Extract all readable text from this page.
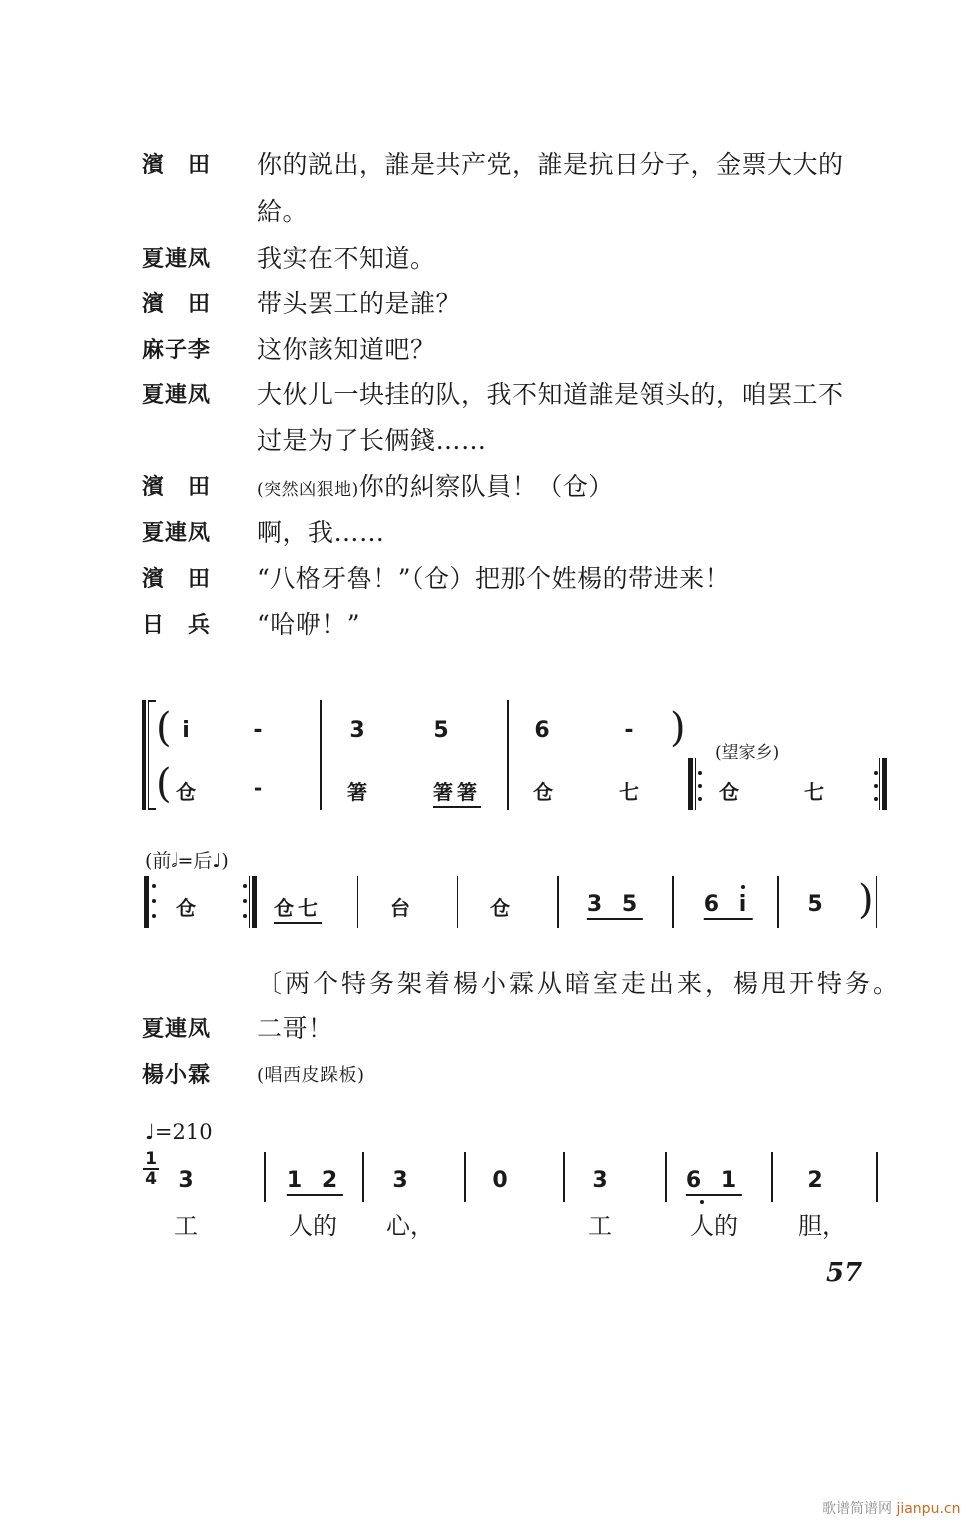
濱　田 你的説出，誰是共产党，誰是抗日分子，金票大大的
給。
夏連凤 我实在不知道。
濱　田 带头罢工的是誰？
麻子李 这你該知道吧？
夏連凤 大伙儿一块挂的队，我不知道誰是領头的，咱罢工不
过是为了长俩錢……
濱　田	(突然凶狠地)你的糾察队員！（仓）
夏連凤 啊，我……
濱　田 “八格牙魯！”（仓）把那个姓楊的带进来！
日　兵 “哈咿！”
( i	-	3	5	6	- )
(望家乡)
( 仓	-	箸	箸箸	仓	七	仓	七
(前𝅗𝅥=后♩)
仓	仓七	台	仓	3 5	6 i	5 )
〔两个特务架着楊小霖从暗室走出来，楊甩开特务。
夏連凤 二哥！
楊小霖	(唱西皮跺板)
♩=210
1
4 3	1 2 3	0	3	6 1	2
工	人的 心，	工	人的	胆，
57
歌谱简谱网 jianpu.cn
